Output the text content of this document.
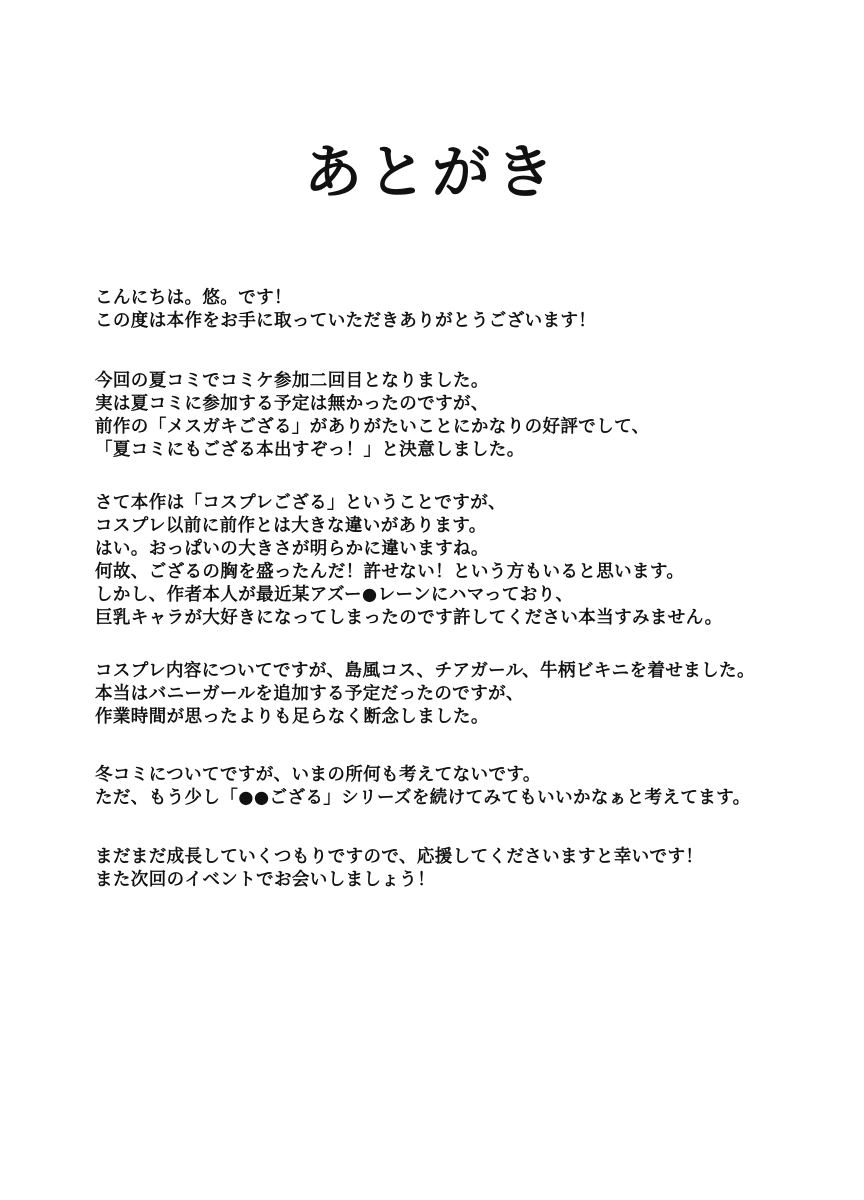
あとがき

こんにちは。悠。です！
この度は本作をお手に取っていただきありがとうございます！

今回の夏コミでコミケ参加二回目となりました。
実は夏コミに参加する予定は無かったのですが、
前作の「メスガキござる」がありがたいことにかなりの好評でして、
「夏コミにもござる本出すぞっ！」と決意しました。

さて本作は「コスプレござる」ということですが、
コスプレ以前に前作とは大きな違いがあります。
はい。おっぱいの大きさが明らかに違いますね。
何故、ござるの胸を盛ったんだ！許せない！という方もいると思います。
しかし、作者本人が最近某アズー●レーンにハマっており、
巨乳キャラが大好きになってしまったのです許してください本当すみません。

コスプレ内容についてですが、島風コス、チアガール、牛柄ビキニを着せました。
本当はバニーガールを追加する予定だったのですが、
作業時間が思ったよりも足らなく断念しました。

冬コミについてですが、いまの所何も考えてないです。
ただ、もう少し「●●ござる」シリーズを続けてみてもいいかなぁと考えてます。

まだまだ成長していくつもりですので、応援してくださいますと幸いです！
また次回のイベントでお会いしましょう！
